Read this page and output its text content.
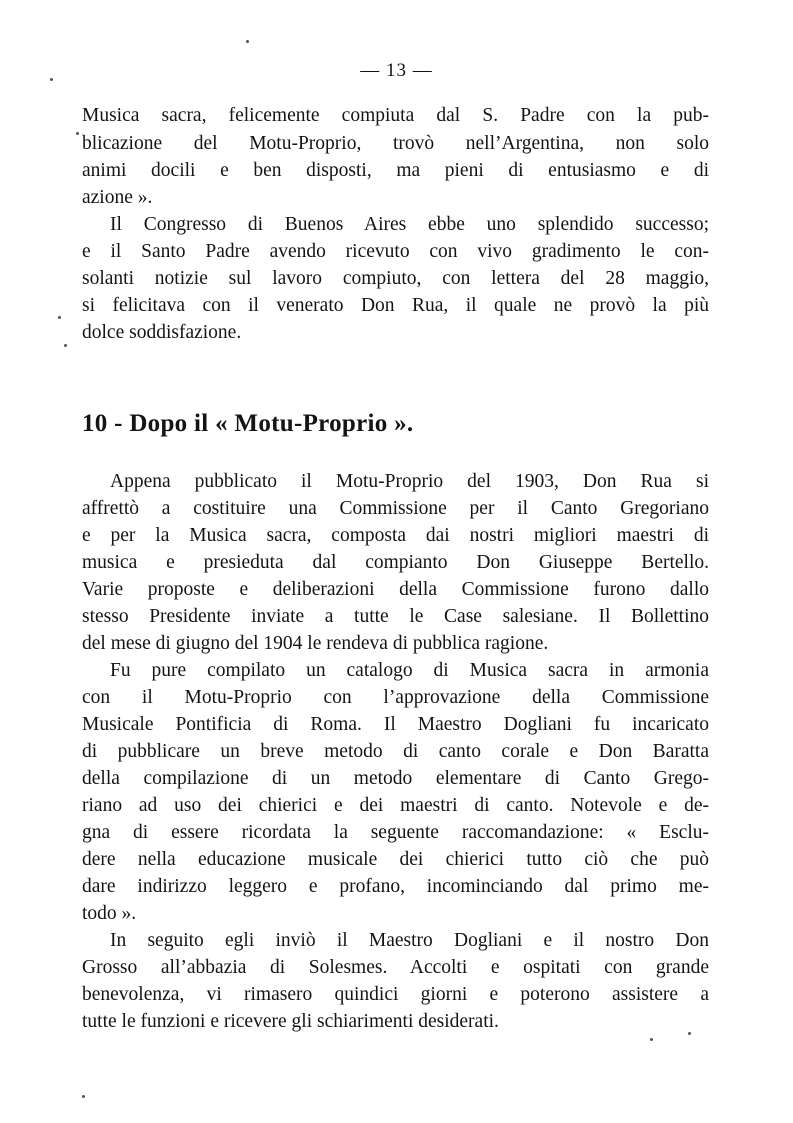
— 13 —
Musica sacra, felicemente compiuta dal S. Padre con la pub-
blicazione del Motu-Proprio, trovò nell’Argentina, non solo
animi docili e ben disposti, ma pieni di entusiasmo e di
azione ».
Il Congresso di Buenos Aires ebbe uno splendido successo;
e il Santo Padre avendo ricevuto con vivo gradimento le con-
solanti notizie sul lavoro compiuto, con lettera del 28 maggio,
si felicitava con il venerato Don Rua, il quale ne provò la più
dolce soddisfazione.
10 - Dopo il « Motu-Proprio ».
Appena pubblicato il Motu-Proprio del 1903, Don Rua si
affrettò a costituire una Commissione per il Canto Gregoriano
e per la Musica sacra, composta dai nostri migliori maestri di
musica e presieduta dal compianto Don Giuseppe Bertello.
Varie proposte e deliberazioni della Commissione furono dallo
stesso Presidente inviate a tutte le Case salesiane. Il Bollettino
del mese di giugno del 1904 le rendeva di pubblica ragione.
Fu pure compilato un catalogo di Musica sacra in armonia
con il Motu-Proprio con l’approvazione della Commissione
Musicale Pontificia di Roma. Il Maestro Dogliani fu incaricato
di pubblicare un breve metodo di canto corale e Don Baratta
della compilazione di un metodo elementare di Canto Grego-
riano ad uso dei chierici e dei maestri di canto. Notevole e de-
gna di essere ricordata la seguente raccomandazione: « Esclu-
dere nella educazione musicale dei chierici tutto ciò che può
dare indirizzo leggero e profano, incominciando dal primo me-
todo ».
In seguito egli inviò il Maestro Dogliani e il nostro Don
Grosso all’abbazia di Solesmes. Accolti e ospitati con grande
benevolenza, vi rimasero quindici giorni e poterono assistere a
tutte le funzioni e ricevere gli schiarimenti desiderati.
